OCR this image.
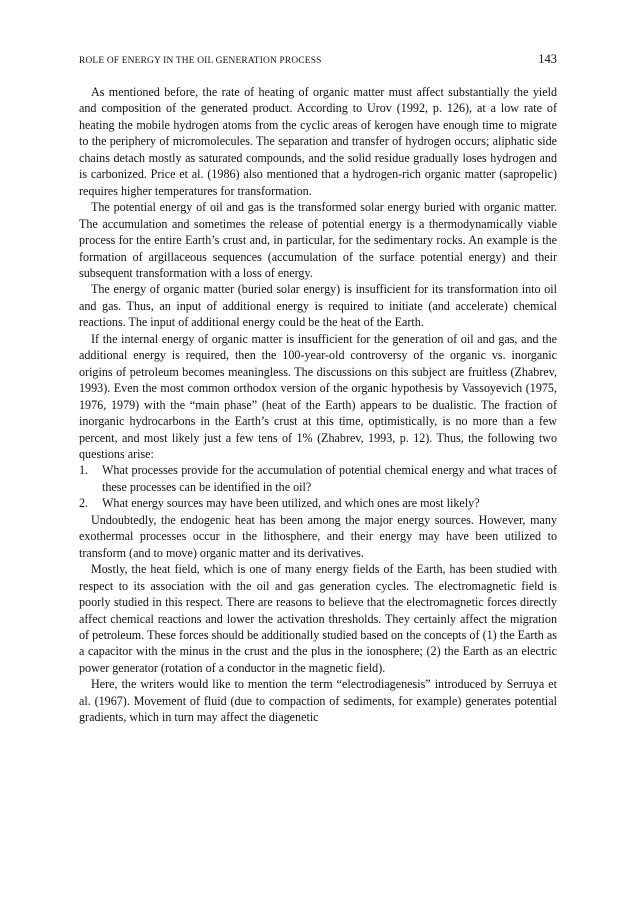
ROLE OF ENERGY IN THE OIL GENERATION PROCESS	143

As mentioned before, the rate of heating of organic matter must affect substantially the yield and composition of the generated product. According to Urov (1992, p. 126), at a low rate of heating the mobile hydrogen atoms from the cyclic areas of kerogen have enough time to migrate to the periphery of micromolecules. The separation and transfer of hydrogen occurs; aliphatic side chains detach mostly as saturated compounds, and the solid residue gradually loses hydrogen and is carbonized. Price et al. (1986) also mentioned that a hydrogen-rich organic matter (sapropelic) requires higher temperatures for transformation.

The potential energy of oil and gas is the transformed solar energy buried with organic matter. The accumulation and sometimes the release of potential energy is a thermodynamically viable process for the entire Earth’s crust and, in particular, for the sedimentary rocks. An example is the formation of argillaceous sequences (accumulation of the surface potential energy) and their subsequent transformation with a loss of energy.

The energy of organic matter (buried solar energy) is insufficient for its transformation into oil and gas. Thus, an input of additional energy is required to initiate (and accelerate) chemical reactions. The input of additional energy could be the heat of the Earth.

If the internal energy of organic matter is insufficient for the generation of oil and gas, and the additional energy is required, then the 100-year-old controversy of the organic vs. inorganic origins of petroleum becomes meaningless. The discussions on this subject are fruitless (Zhabrev, 1993). Even the most common orthodox version of the organic hypothesis by Vassoyevich (1975, 1976, 1979) with the “main phase” (heat of the Earth) appears to be dualistic. The fraction of inorganic hydrocarbons in the Earth’s crust at this time, optimistically, is no more than a few percent, and most likely just a few tens of 1% (Zhabrev, 1993, p. 12). Thus, the following two questions arise:

1. What processes provide for the accumulation of potential chemical energy and what traces of these processes can be identified in the oil?
2. What energy sources may have been utilized, and which ones are most likely?

Undoubtedly, the endogenic heat has been among the major energy sources. However, many exothermal processes occur in the lithosphere, and their energy may have been utilized to transform (and to move) organic matter and its derivatives.

Mostly, the heat field, which is one of many energy fields of the Earth, has been studied with respect to its association with the oil and gas generation cycles. The electromagnetic field is poorly studied in this respect. There are reasons to believe that the electromagnetic forces directly affect chemical reactions and lower the activation thresholds. They certainly affect the migration of petroleum. These forces should be additionally studied based on the concepts of (1) the Earth as a capacitor with the minus in the crust and the plus in the ionosphere; (2) the Earth as an electric power generator (rotation of a conductor in the magnetic field).

Here, the writers would like to mention the term “electrodiagenesis” introduced by Serruya et al. (1967). Movement of fluid (due to compaction of sediments, for example) generates potential gradients, which in turn may affect the diagenetic
